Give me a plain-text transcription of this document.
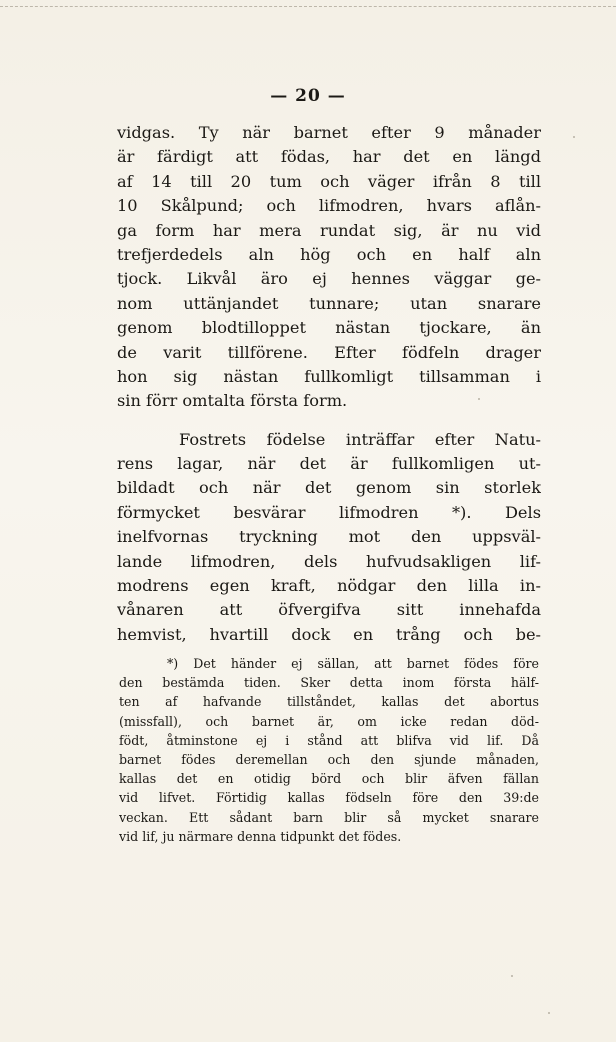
— 20 —
vidgas. Ty när barnet efter 9 månader
är färdigt att födas, har det en längd
af 14 till 20 tum och väger ifrån 8 till
10 Skålpund; och lifmodren, hvars aflån-
ga form har mera rundat sig, är nu vid
trefjerdedels aln hög och en half aln
tjock. Likvål äro ej hennes väggar ge-
nom uttänjandet tunnare; utan snarare
genom blodtilloppet nästan tjockare, än
de varit tillförene. Efter födfeln drager
hon sig nästan fullkomligt tillsamman i
sin förr omtalta första form.
Fostrets födelse inträffar efter Natu-
rens lagar, när det är fullkomligen ut-
bildadt och när det genom sin storlek
förmycket besvärar lifmodren *). Dels
inelfvornas tryckning mot den uppsväl-
lande lifmodren, dels hufvudsakligen lif-
modrens egen kraft, nödgar den lilla in-
vånaren att öfvergifva sitt innehafda
hemvist, hvartill dock en trång och be-
*) Det händer ej sällan, att barnet födes före
den bestämda tiden. Sker detta inom första hälf-
ten af hafvande tillståndet, kallas det abortus
(missfall), och barnet är, om icke redan död-
födt, åtminstone ej i stånd att blifva vid lif. Då
barnet födes deremellan och den sjunde månaden,
kallas det en otidig börd och blir äfven fällan
vid lifvet. Förtidig kallas födseln före den 39:de
veckan. Ett sådant barn blir så mycket snarare
vid lif, ju närmare denna tidpunkt det födes.
